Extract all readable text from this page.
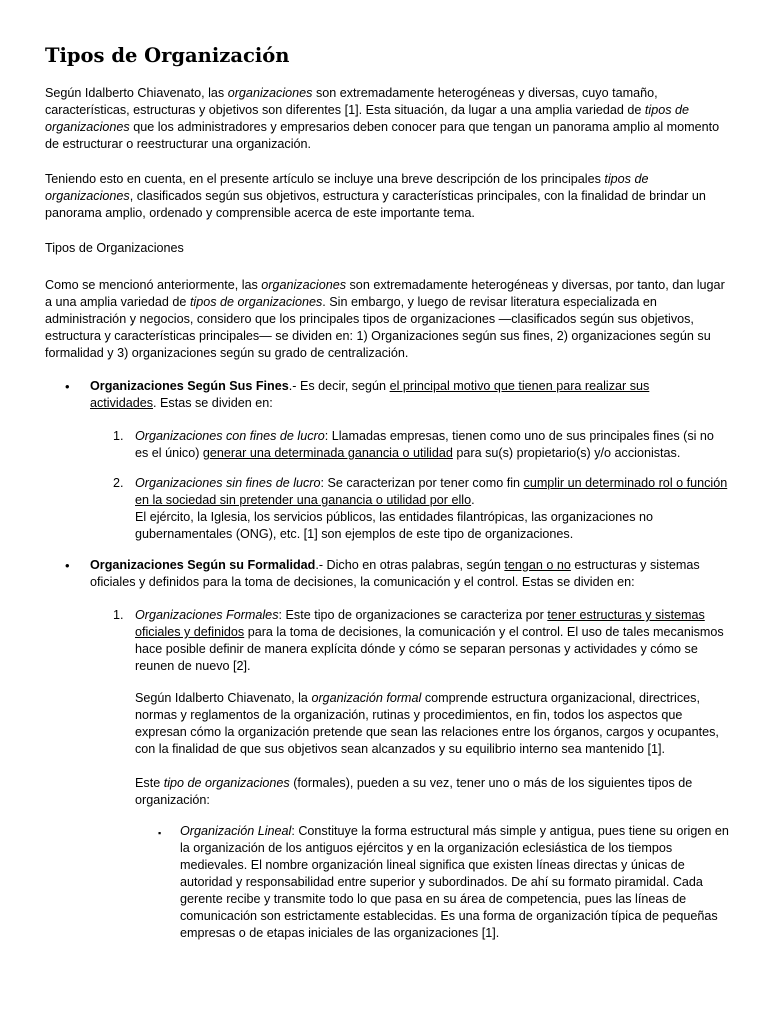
Tipos de Organización

Según Idalberto Chiavenato, las organizaciones son extremadamente heterogéneas y diversas, cuyo tamaño, características, estructuras y objetivos son diferentes [1]. Esta situación, da lugar a una amplia variedad de tipos de organizaciones que los administradores y empresarios deben conocer para que tengan un panorama amplio al momento de estructurar o reestructurar una organización.

Teniendo esto en cuenta, en el presente artículo se incluye una breve descripción de los principales tipos de organizaciones, clasificados según sus objetivos, estructura y características principales, con la finalidad de brindar un panorama amplio, ordenado y comprensible acerca de este importante tema.

Tipos de Organizaciones

Como se mencionó anteriormente, las organizaciones son extremadamente heterogéneas y diversas, por tanto, dan lugar a una amplia variedad de tipos de organizaciones. Sin embargo, y luego de revisar literatura especializada en administración y negocios, considero que los principales tipos de organizaciones —clasificados según sus objetivos, estructura y características principales— se dividen en: 1) Organizaciones según sus fines, 2) organizaciones según su formalidad y 3) organizaciones según su grado de centralización.

• Organizaciones Según Sus Fines.- Es decir, según el principal motivo que tienen para realizar sus actividades. Estas se dividen en:

1. Organizaciones con fines de lucro: Llamadas empresas, tienen como uno de sus principales fines (si no es el único) generar una determinada ganancia o utilidad para su(s) propietario(s) y/o accionistas.

2. Organizaciones sin fines de lucro: Se caracterizan por tener como fin cumplir un determinado rol o función en la sociedad sin pretender una ganancia o utilidad por ello.
El ejército, la Iglesia, los servicios públicos, las entidades filantrópicas, las organizaciones no gubernamentales (ONG), etc. [1] son ejemplos de este tipo de organizaciones.

• Organizaciones Según su Formalidad.- Dicho en otras palabras, según tengan o no estructuras y sistemas oficiales y definidos para la toma de decisiones, la comunicación y el control. Estas se dividen en:

1. Organizaciones Formales: Este tipo de organizaciones se caracteriza por tener estructuras y sistemas oficiales y definidos para la toma de decisiones, la comunicación y el control. El uso de tales mecanismos hace posible definir de manera explícita dónde y cómo se separan personas y actividades y cómo se reunen de nuevo [2].

Según Idalberto Chiavenato, la organización formal comprende estructura organizacional, directrices, normas y reglamentos de la organización, rutinas y procedimientos, en fin, todos los aspectos que expresan cómo la organización pretende que sean las relaciones entre los órganos, cargos y ocupantes, con la finalidad de que sus objetivos sean alcanzados y su equilibrio interno sea mantenido [1].

Este tipo de organizaciones (formales), pueden a su vez, tener uno o más de los siguientes tipos de organización:

▪ Organización Lineal: Constituye la forma estructural más simple y antigua, pues tiene su origen en la organización de los antiguos ejércitos y en la organización eclesiástica de los tiempos medievales. El nombre organización lineal significa que existen líneas directas y únicas de autoridad y responsabilidad entre superior y subordinados. De ahí su formato piramidal. Cada gerente recibe y transmite todo lo que pasa en su área de competencia, pues las líneas de comunicación son estrictamente establecidas. Es una forma de organización típica de pequeñas empresas o de etapas iniciales de las organizaciones [1].
